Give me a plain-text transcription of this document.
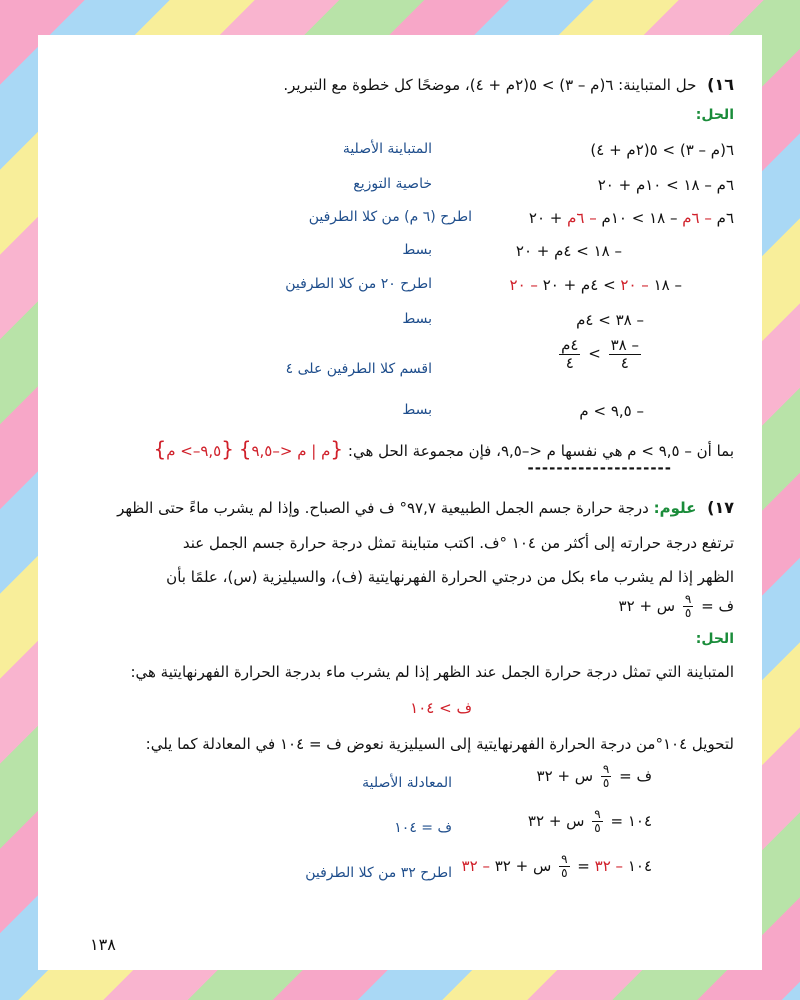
١٦) حل المتباينة: ٦(م – ٣) > ٥(٢م + ٤)، موضحًا كل خطوة مع التبرير.
الحل:
٦(م – ٣) > ٥(٢م + ٤)
المتباينة الأصلية
٦م – ١٨ > ١٠م + ٢٠
خاصية التوزيع
٦م – ٦م – ١٨ > ١٠م – ٦م + ٢٠
اطرح (٦ م) من كلا الطرفين
– ١٨ > ٤م + ٢٠
بسط
– ١٨ – ٢٠ > ٤م + ٢٠ – ٢٠
اطرح ٢٠ من كلا الطرفين
– ٣٨ > ٤م
بسط
$\frac{- ٣٨}{٤}$
>
$\frac{\text{٤م}}{٤}$
اقسم كلا الطرفين على ٤
– ٩,٥ > م
بسط
بما أن – ٩,٥ > م هي نفسها م <–٩,٥، فإن مجموعة الحل هي: {م | م <–٩,٥} {٩,٥–> م}
--------------------
١٧) علوم: درجة حرارة جسم الجمل الطبيعية ٩٧,٧° ف في الصباح. وإذا لم يشرب ماءً حتى الظهر
ترتفع درجة حرارته إلى أكثر من ١٠٤ °ف. اكتب متباينة تمثل درجة حرارة جسم الجمل عند
الظهر إذا لم يشرب ماء بكل من درجتي الحرارة الفهرنهايتية (ف)، والسيليزية (س)، علمًا بأن
ف =
$\frac{٩}{٥}$
س + ٣٢
الحل:
المتباينة التي تمثل درجة حرارة الجمل عند الظهر إذا لم يشرب ماء بدرجة الحرارة الفهرنهايتية هي:
ف > ١٠٤
لتحويل ١٠٤°من درجة الحرارة الفهرنهايتية إلى السيليزية نعوض ف = ١٠٤ في المعادلة كما يلي:
ف =
$\frac{٩}{٥}$
س + ٣٢
المعادلة الأصلية
١٠٤ =
$\frac{٩}{٥}$
س + ٣٢
ف = ١٠٤
١٠٤ – ٣٢ =
$\frac{٩}{٥}$
س + ٣٢ – ٣٢
اطرح ٣٢ من كلا الطرفين
١٣٨
